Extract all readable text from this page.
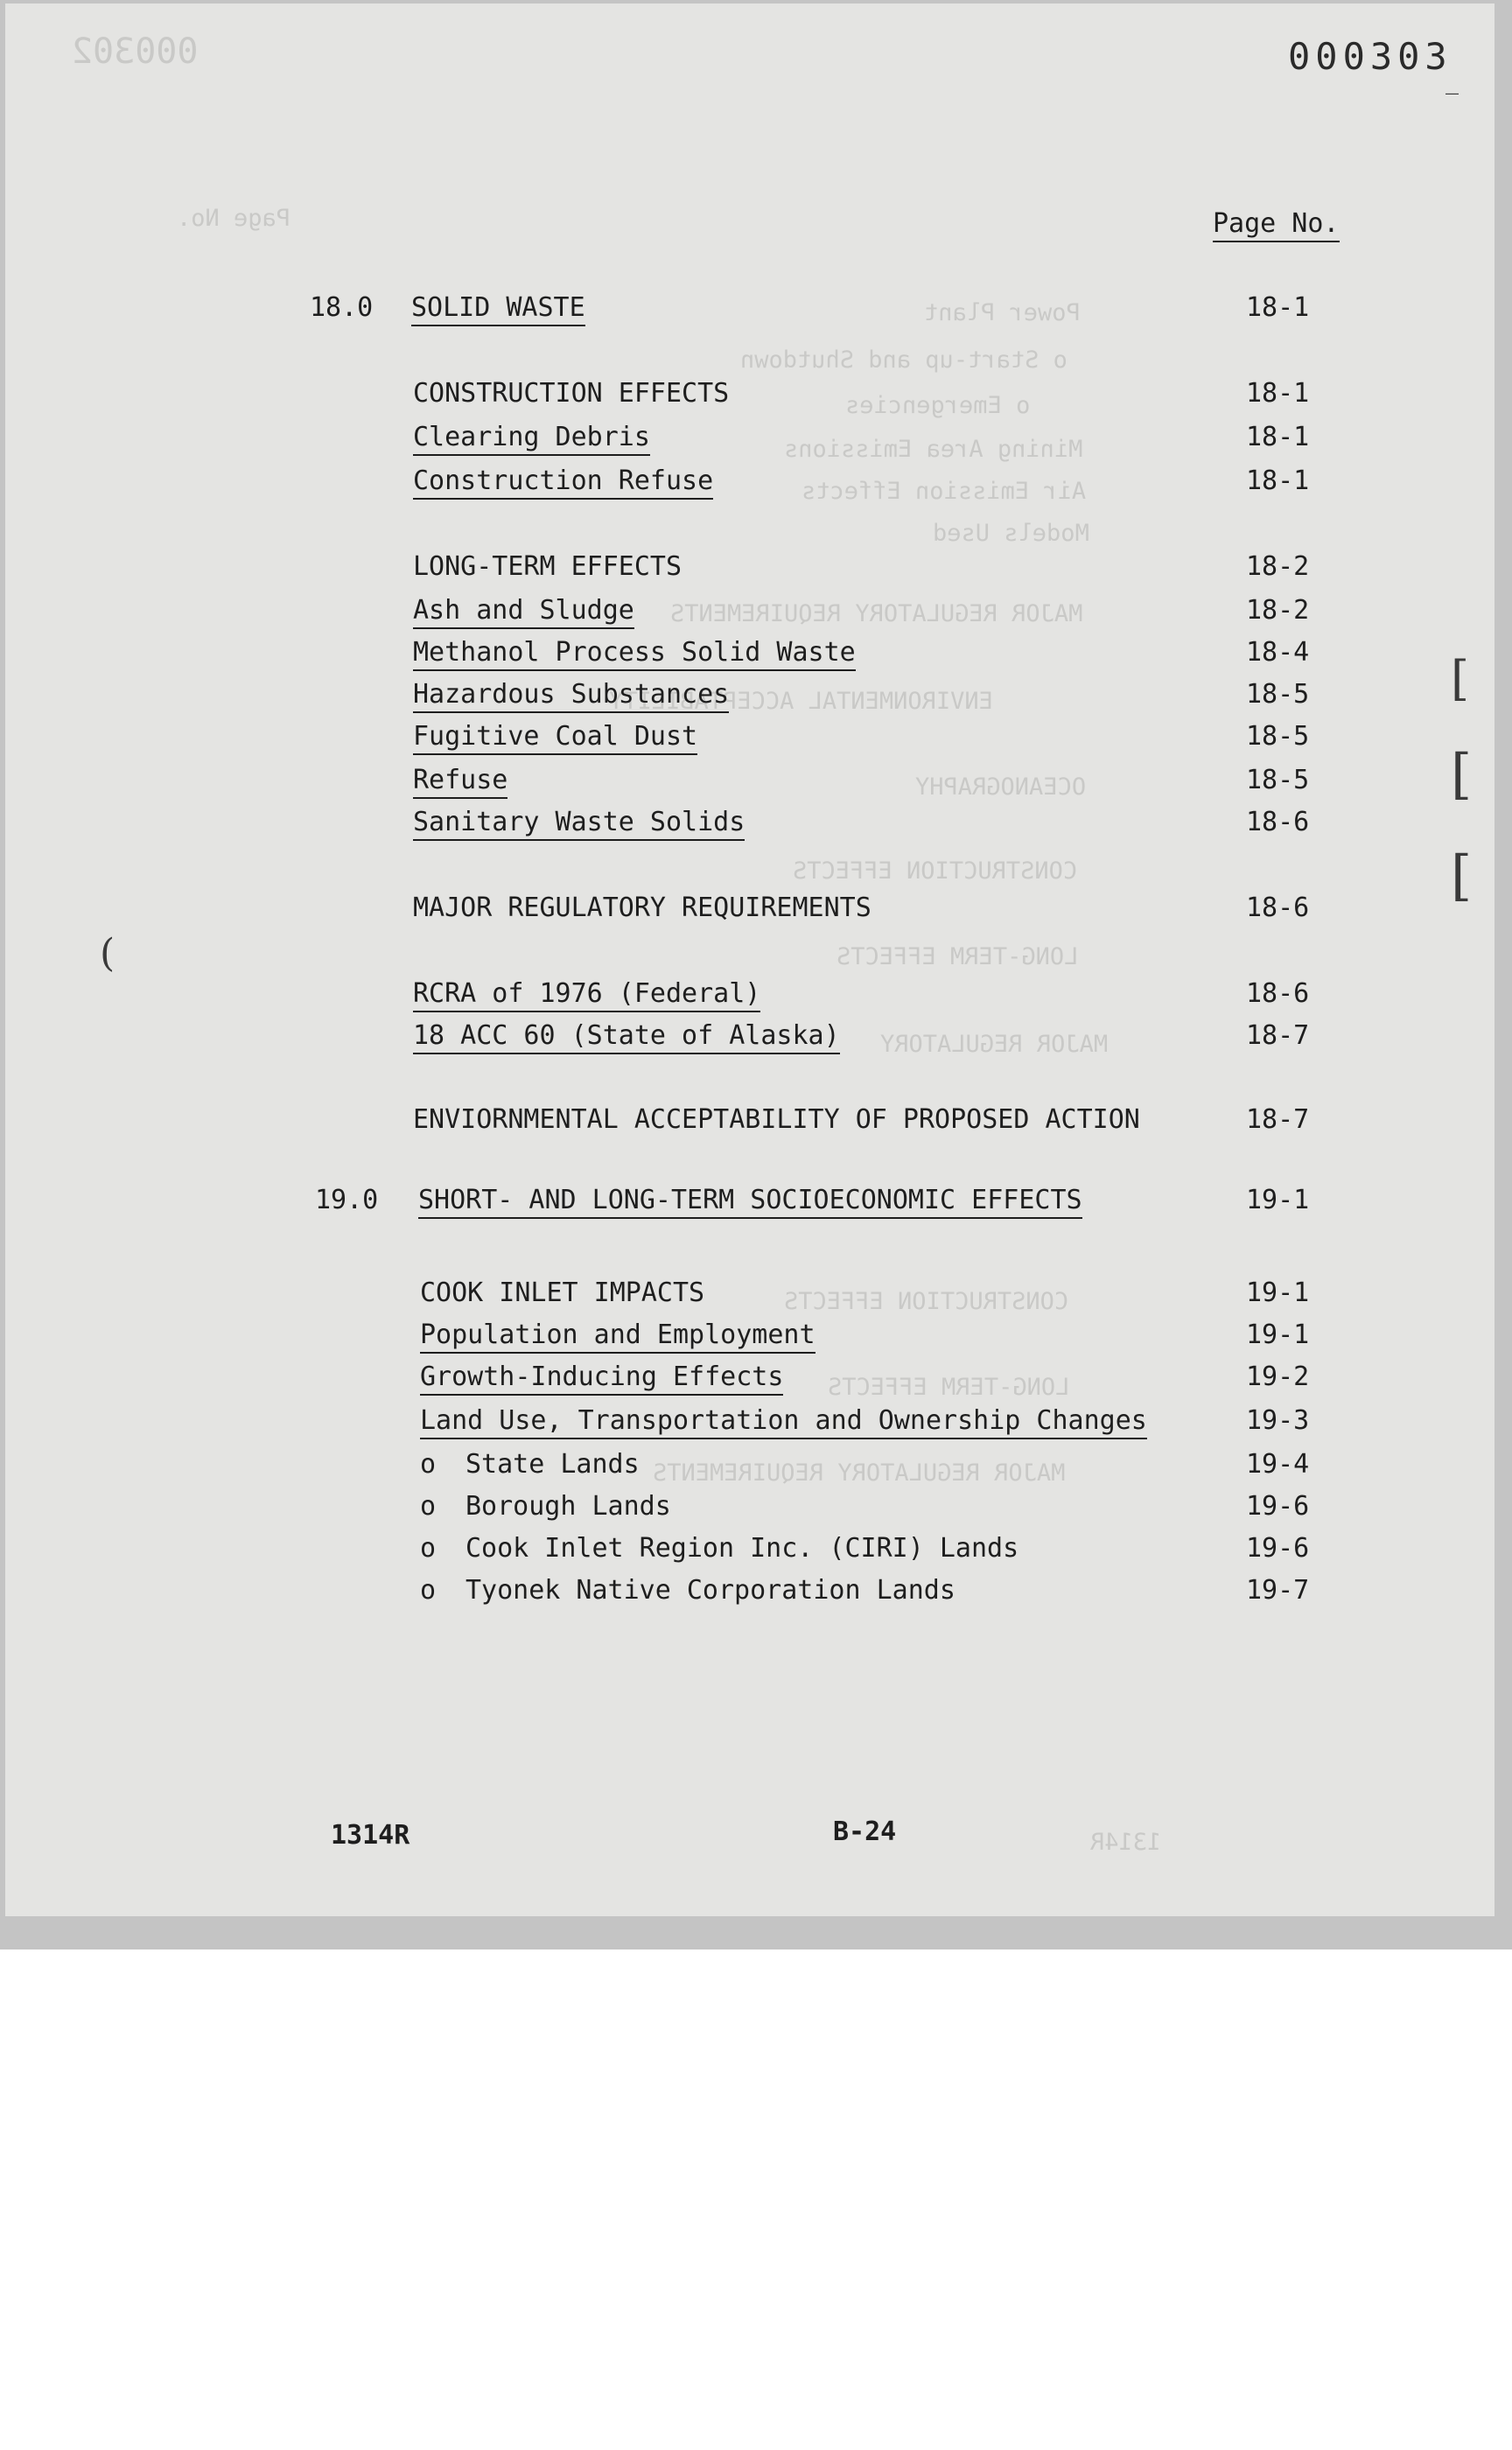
000302
Page No.
Power Plant
o Start-up and Shutdown
o Emergencies
Mining Area Emissions
Air Emission Effects
Models Used
MAJOR REGULATORY REQUIREMENTS
ENVIRONMENTAL ACCEPTABILITY
OCEANOGRAPHY
CONSTRUCTION EFFECTS
LONG-TERM EFFECTS
MAJOR REGULATORY
CONSTRUCTION EFFECTS
LONG-TERM EFFECTS
MAJOR REGULATORY REQUIREMENTS
1314R
000303
Page No.
18.0 SOLID WASTE	18-1
CONSTRUCTION EFFECTS	18-1
Clearing Debris	18-1
Construction Refuse	18-1
LONG-TERM EFFECTS	18-2
Ash and Sludge	18-2
Methanol Process Solid Waste	18-4
Hazardous Substances	18-5
Fugitive Coal Dust	18-5
Refuse	18-5
Sanitary Waste Solids	18-6
MAJOR REGULATORY REQUIREMENTS	18-6
RCRA of 1976 (Federal)	18-6
18 ACC 60 (State of Alaska)	18-7
ENVIORNMENTAL ACCEPTABILITY OF PROPOSED ACTION	18-7
19.0 SHORT- AND LONG-TERM SOCIOECONOMIC EFFECTS	19-1
COOK INLET IMPACTS	19-1
Population and Employment	19-1
Growth-Inducing Effects	19-2
Land Use, Transportation and Ownership Changes	19-3
o State Lands	19-4
o Borough Lands	19-6
o Cook Inlet Region Inc. (CIRI) Lands	19-6
o Tyonek Native Corporation Lands	19-7
1314R	B-24
[
[
[
(
_
